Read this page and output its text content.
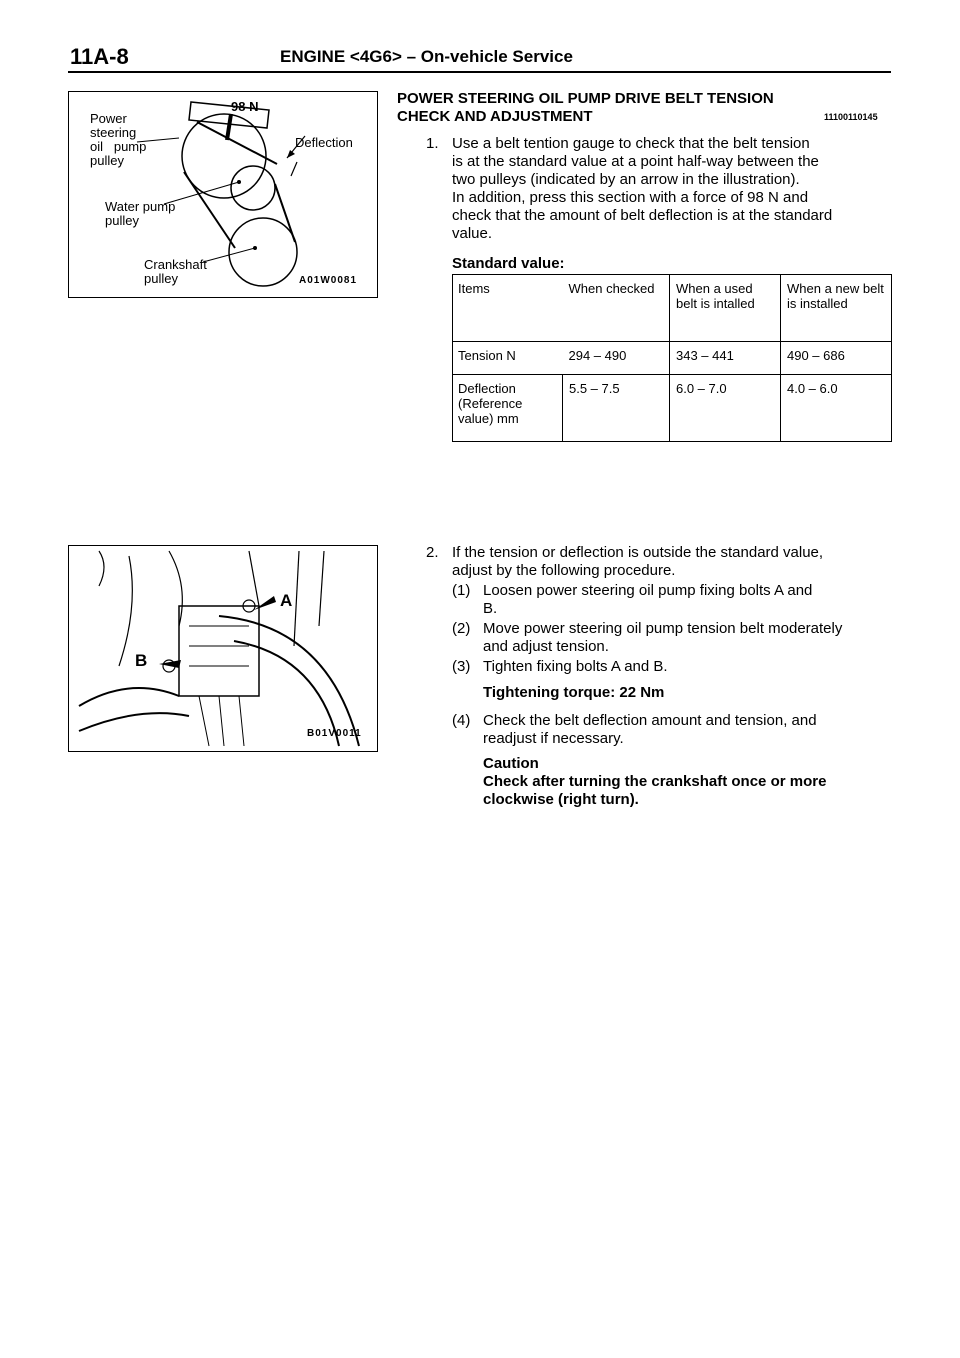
11A-8	ENGINE <4G6> – On-vehicle Service
98 N
Power
steering
oil   pump
pulley
Deflection
Water pump
pulley
Crankshaft
pulley	A01W0081
A
B
B01V0011
POWER STEERING OIL PUMP DRIVE BELT TENSION
CHECK AND ADJUSTMENT	11100110145
1. Use a belt tention gauge to check that the belt tension
is at the standard value at a point half-way between the
two pulleys (indicated by an arrow in the illustration).
In addition, press this section with a force of 98 N and
check that the amount of belt deflection is at the standard
value.
Standard value:
Items	When checked	When a used belt is intalled	When a new belt is installed
Tension N	294 – 490	343 – 441	490 – 686
Deflection (Reference value) mm	5.5 – 7.5	6.0 – 7.0	4.0 – 6.0
2. If the tension or deflection is outside the standard value,
adjust by the following procedure.
(1) Loosen power steering oil pump fixing bolts A and
B.
(2) Move power steering oil pump tension belt moderately
and adjust tension.
(3) Tighten fixing bolts A and B.
Tightening torque: 22 Nm
(4) Check the belt deflection amount and tension, and
readjust if necessary.
Caution
Check after turning the crankshaft once or more
clockwise (right turn).
